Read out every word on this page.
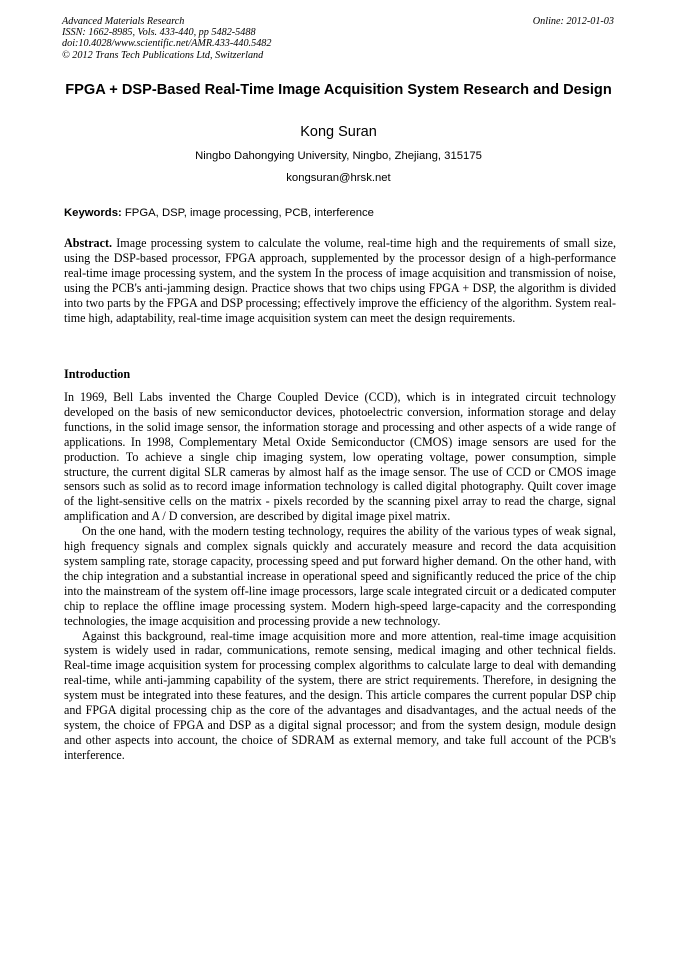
Advanced Materials Research
ISSN: 1662-8985, Vols. 433-440, pp 5482-5488
doi:10.4028/www.scientific.net/AMR.433-440.5482
© 2012 Trans Tech Publications Ltd, Switzerland
Online: 2012-01-03
FPGA + DSP-Based Real-Time Image Acquisition System Research and Design
Kong Suran
Ningbo Dahongying University, Ningbo, Zhejiang, 315175
kongsuran@hrsk.net
Keywords: FPGA, DSP, image processing, PCB, interference

Abstract. Image processing system to calculate the volume, real-time high and the requirements of small size, using the DSP-based processor, FPGA approach, supplemented by the processor design of a high-performance real-time image processing system, and the system In the process of image acquisition and transmission of noise, using the PCB's anti-jamming design. Practice shows that two chips using FPGA + DSP, the algorithm is divided into two parts by the FPGA and DSP processing; effectively improve the efficiency of the algorithm. System real-time high, adaptability, real-time image acquisition system can meet the design requirements.

Introduction

In 1969, Bell Labs invented the Charge Coupled Device (CCD), which is in integrated circuit technology developed on the basis of new semiconductor devices, photoelectric conversion, information storage and delay functions, in the solid image sensor, the information storage and processing and other aspects of a wide range of applications. In 1998, Complementary Metal Oxide Semiconductor (CMOS) image sensors are used for the production. To achieve a single chip imaging system, low operating voltage, power consumption, simple structure, the current digital SLR cameras by almost half as the image sensor. The use of CCD or CMOS image sensors such as solid as to record image information technology is called digital photography. Quilt cover image of the light-sensitive cells on the matrix - pixels recorded by the scanning pixel array to read the charge, signal amplification and A / D conversion, are described by digital image pixel matrix.

On the one hand, with the modern testing technology, requires the ability of the various types of weak signal, high frequency signals and complex signals quickly and accurately measure and record the data acquisition system sampling rate, storage capacity, processing speed and put forward higher demand. On the other hand, with the chip integration and a substantial increase in operational speed and significantly reduced the price of the chip into the mainstream of the system off-line image processors, large scale integrated circuit or a dedicated computer chip to replace the offline image processing system. Modern high-speed large-capacity and the corresponding technologies, the image acquisition and processing provide a new technology.

Against this background, real-time image acquisition more and more attention, real-time image acquisition system is widely used in radar, communications, remote sensing, medical imaging and other technical fields. Real-time image acquisition system for processing complex algorithms to calculate large to deal with demanding real-time, while anti-jamming capability of the system, there are strict requirements. Therefore, in designing the system must be integrated into these features, and the design. This article compares the current popular DSP chip and FPGA digital processing chip as the core of the advantages and disadvantages, and the actual needs of the system, the choice of FPGA and DSP as a digital signal processor; and from the system design, module design and other aspects into account, the choice of SDRAM as external memory, and take full account of the PCB's interference.
